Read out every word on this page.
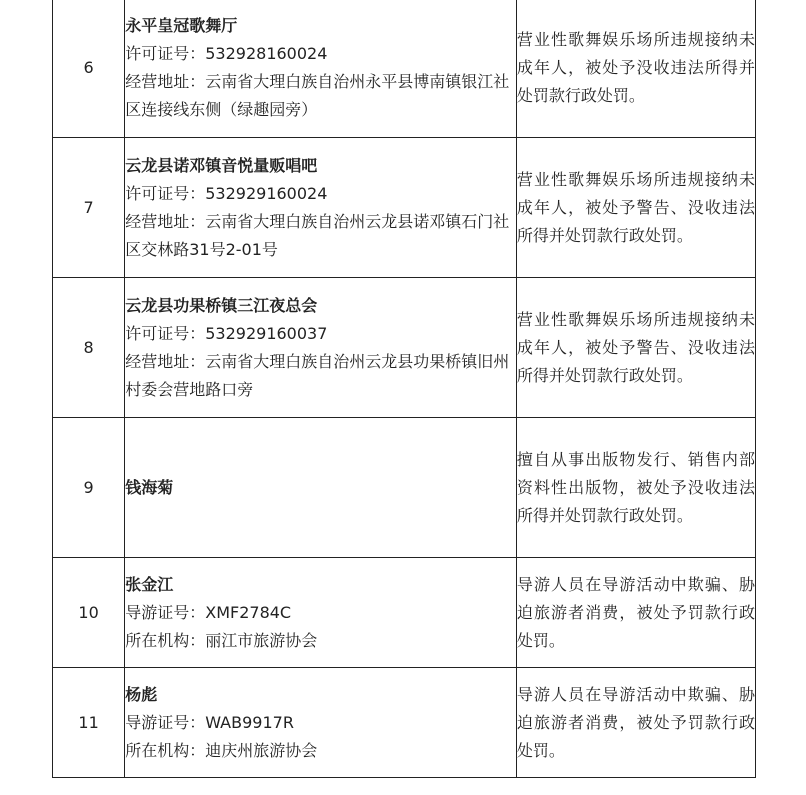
6	永平皇冠歌舞厅
许可证号：532928160024
经营地址：云南省大理白族自治州永平县博南镇银江社区连接线东侧（绿趣园旁）	营业性歌舞娱乐场所违规接纳未成年人，被处予没收违法所得并处罚款行政处罚。
7	云龙县诺邓镇音悦量贩唱吧
许可证号：532929160024
经营地址：云南省大理白族自治州云龙县诺邓镇石门社区交林路31号2-01号	营业性歌舞娱乐场所违规接纳未成年人，被处予警告、没收违法所得并处罚款行政处罚。
8	云龙县功果桥镇三江夜总会
许可证号：532929160037
经营地址：云南省大理白族自治州云龙县功果桥镇旧州村委会营地路口旁	营业性歌舞娱乐场所违规接纳未成年人，被处予警告、没收违法所得并处罚款行政处罚。
9	钱海菊	擅自从事出版物发行、销售内部资料性出版物，被处予没收违法所得并处罚款行政处罚。
10	张金江
导游证号：XMF2784C
所在机构：丽江市旅游协会	导游人员在导游活动中欺骗、胁迫旅游者消费，被处予罚款行政处罚。
11	杨彪
导游证号：WAB9917R
所在机构：迪庆州旅游协会	导游人员在导游活动中欺骗、胁迫旅游者消费，被处予罚款行政处罚。
